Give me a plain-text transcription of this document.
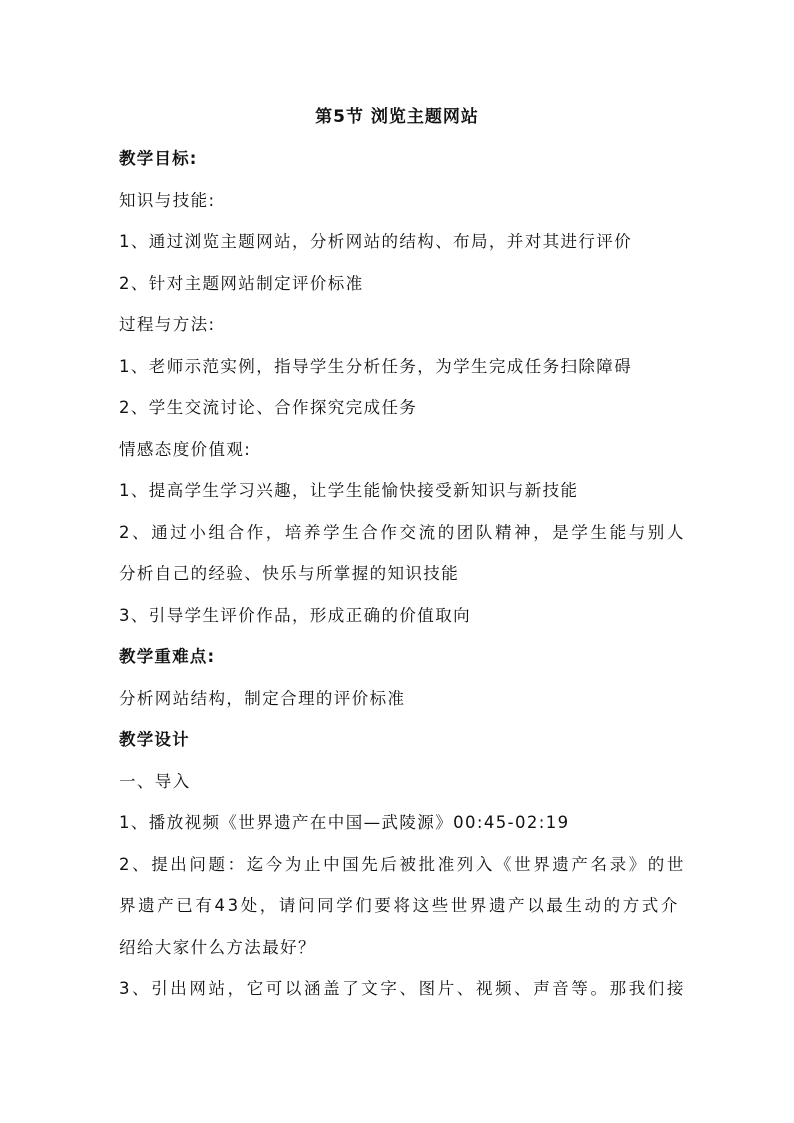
第5节 浏览主题网站
教学目标:
知识与技能:
1、通过浏览主题网站，分析网站的结构、布局，并对其进行评价
2、针对主题网站制定评价标准
过程与方法:
1、老师示范实例，指导学生分析任务，为学生完成任务扫除障碍
2、学生交流讨论、合作探究完成任务
情感态度价值观:
1、提高学生学习兴趣，让学生能愉快接受新知识与新技能
2、通过小组合作，培养学生合作交流的团队精神，是学生能与别人
分析自己的经验、快乐与所掌握的知识技能
3、引导学生评价作品，形成正确的价值取向
教学重难点:
分析网站结构，制定合理的评价标准
教学设计
一、导入
1、播放视频《世界遗产在中国—武陵源》00:45-02:19
2、提出问题：迄今为止中国先后被批准列入《世界遗产名录》的世
界遗产已有43处，请问同学们要将这些世界遗产以最生动的方式介
绍给大家什么方法最好？
3、引出网站，它可以涵盖了文字、图片、视频、声音等。那我们接
